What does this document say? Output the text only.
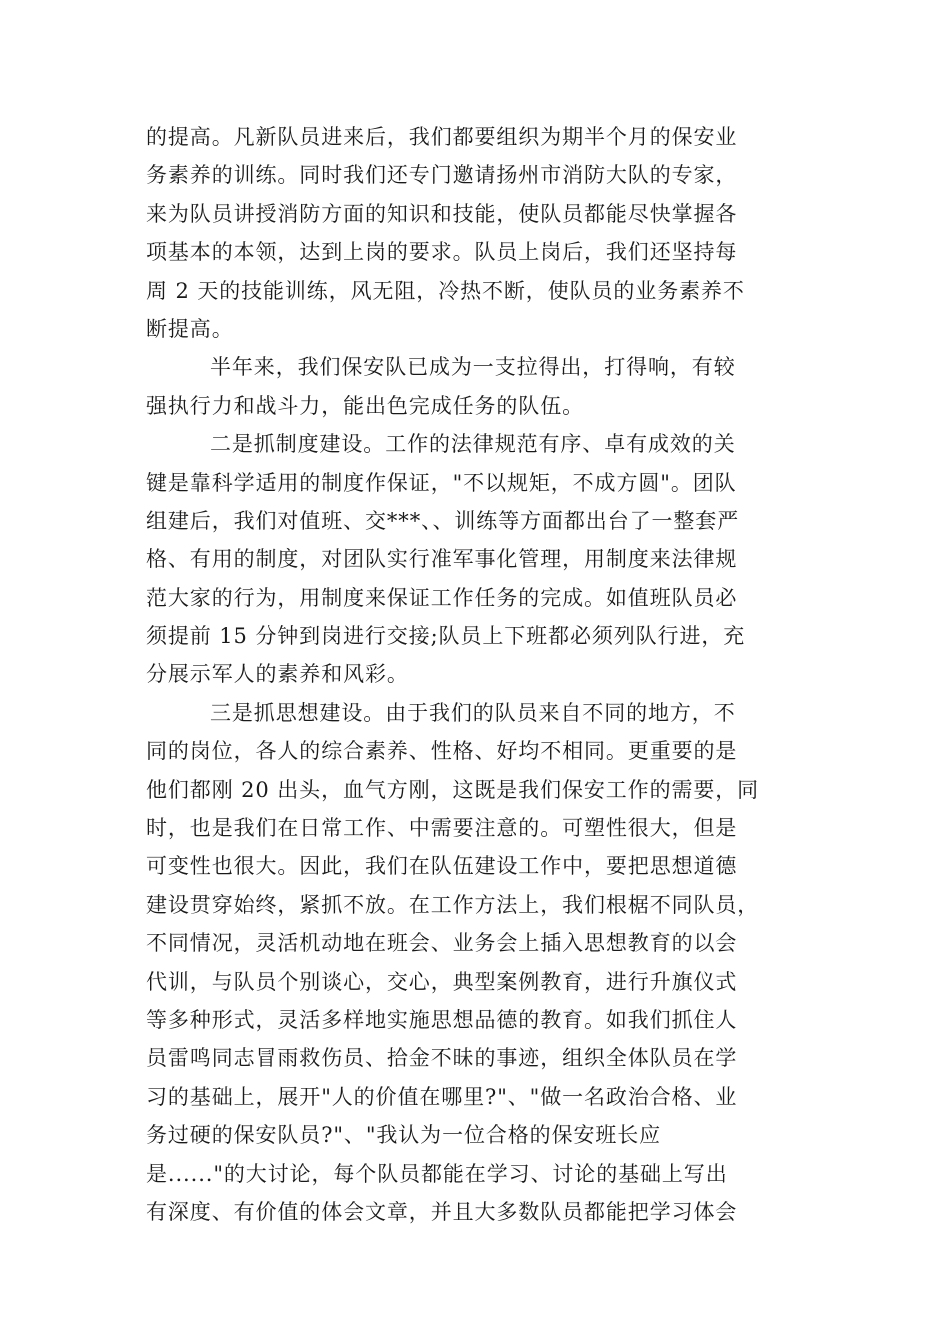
的提高。凡新队员进来后，我们都要组织为期半个月的保安业
务素养的训练。同时我们还专门邀请扬州市消防大队的专家，
来为队员讲授消防方面的知识和技能，使队员都能尽快掌握各
项基本的本领，达到上岗的要求。队员上岗后，我们还坚持每
周 2 天的技能训练，风无阻，冷热不断，使队员的业务素养不
断提高。
半年来，我们保安队已成为一支拉得出，打得响，有较
强执行力和战斗力，能出色完成任务的队伍。
二是抓制度建设。工作的法律规范有序、卓有成效的关
键是靠科学适用的制度作保证，"不以规矩，不成方圆"。团队
组建后，我们对值班、交***、、训练等方面都出台了一整套严
格、有用的制度，对团队实行准军事化管理，用制度来法律规
范大家的行为，用制度来保证工作任务的完成。如值班队员必
须提前 15 分钟到岗进行交接;队员上下班都必须列队行进，充
分展示军人的素养和风彩。
三是抓思想建设。由于我们的队员来自不同的地方，不
同的岗位，各人的综合素养、性格、好均不相同。更重要的是
他们都刚 20 出头，血气方刚，这既是我们保安工作的需要，同
时，也是我们在日常工作、中需要注意的。可塑性很大，但是
可变性也很大。因此，我们在队伍建设工作中，要把思想道德
建设贯穿始终，紧抓不放。在工作方法上，我们根椐不同队员，
不同情况，灵活机动地在班会、业务会上插入思想教育的以会
代训，与队员个别谈心，交心，典型案例教育，进行升旗仪式
等多种形式，灵活多样地实施思想品德的教育。如我们抓住人
员雷鸣同志冒雨救伤员、拾金不昧的事迹，组织全体队员在学
习的基础上，展开"人的价值在哪里?"、"做一名政治合格、业
务过硬的保安队员?"、"我认为一位合格的保安班长应
是......"的大讨论，每个队员都能在学习、讨论的基础上写出
有深度、有价值的体会文章，并且大多数队员都能把学习体会
